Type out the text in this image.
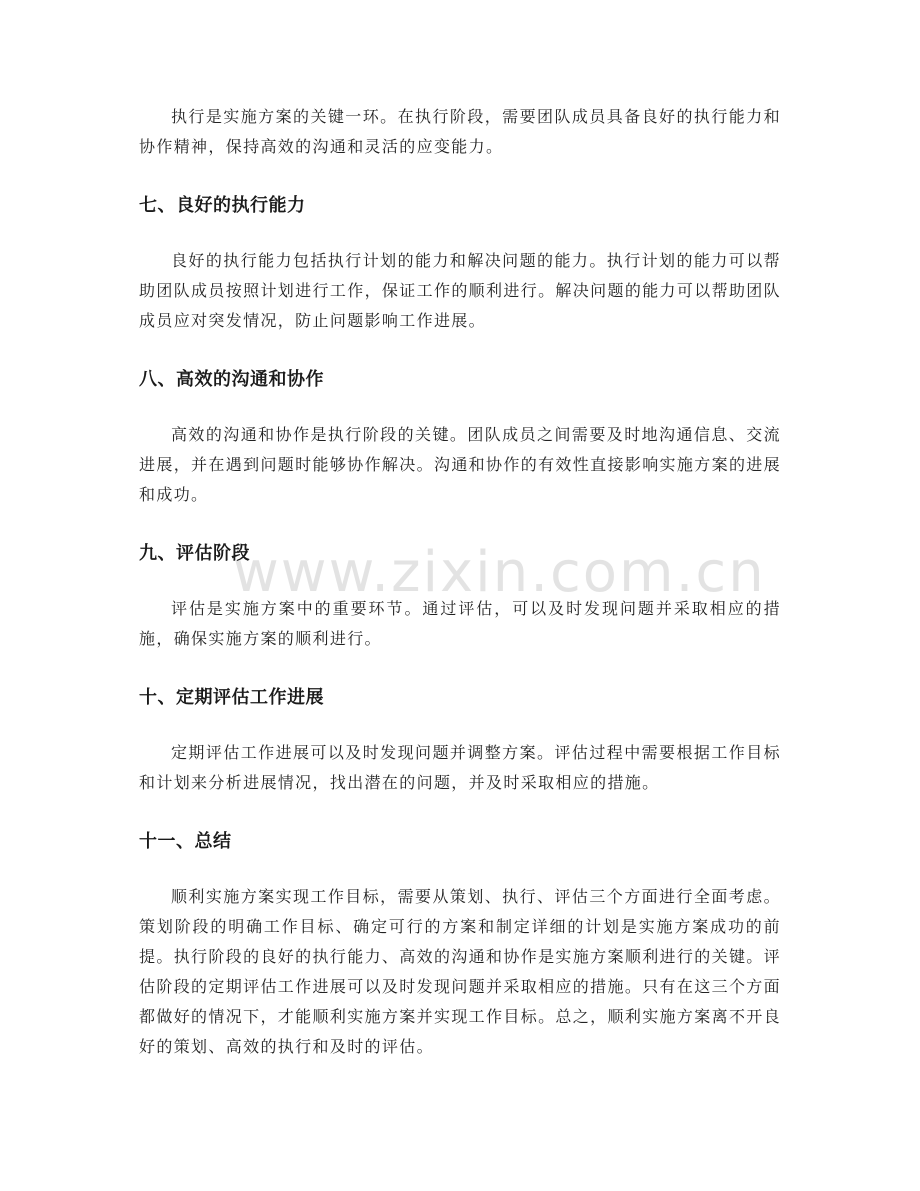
执行是实施方案的关键一环。在执行阶段，需要团队成员具备良好的执行能力和协作精神，保持高效的沟通和灵活的应变能力。

七、良好的执行能力

良好的执行能力包括执行计划的能力和解决问题的能力。执行计划的能力可以帮助团队成员按照计划进行工作，保证工作的顺利进行。解决问题的能力可以帮助团队成员应对突发情况，防止问题影响工作进展。

八、高效的沟通和协作

高效的沟通和协作是执行阶段的关键。团队成员之间需要及时地沟通信息、交流进展，并在遇到问题时能够协作解决。沟通和协作的有效性直接影响实施方案的进展和成功。

九、评估阶段

评估是实施方案中的重要环节。通过评估，可以及时发现问题并采取相应的措施，确保实施方案的顺利进行。

十、定期评估工作进展

定期评估工作进展可以及时发现问题并调整方案。评估过程中需要根据工作目标和计划来分析进展情况，找出潜在的问题，并及时采取相应的措施。

十一、总结

顺利实施方案实现工作目标，需要从策划、执行、评估三个方面进行全面考虑。策划阶段的明确工作目标、确定可行的方案和制定详细的计划是实施方案成功的前提。执行阶段的良好的执行能力、高效的沟通和协作是实施方案顺利进行的关键。评估阶段的定期评估工作进展可以及时发现问题并采取相应的措施。只有在这三个方面都做好的情况下，才能顺利实施方案并实现工作目标。总之，顺利实施方案离不开良好的策划、高效的执行和及时的评估。

www.zixin.com.cn
